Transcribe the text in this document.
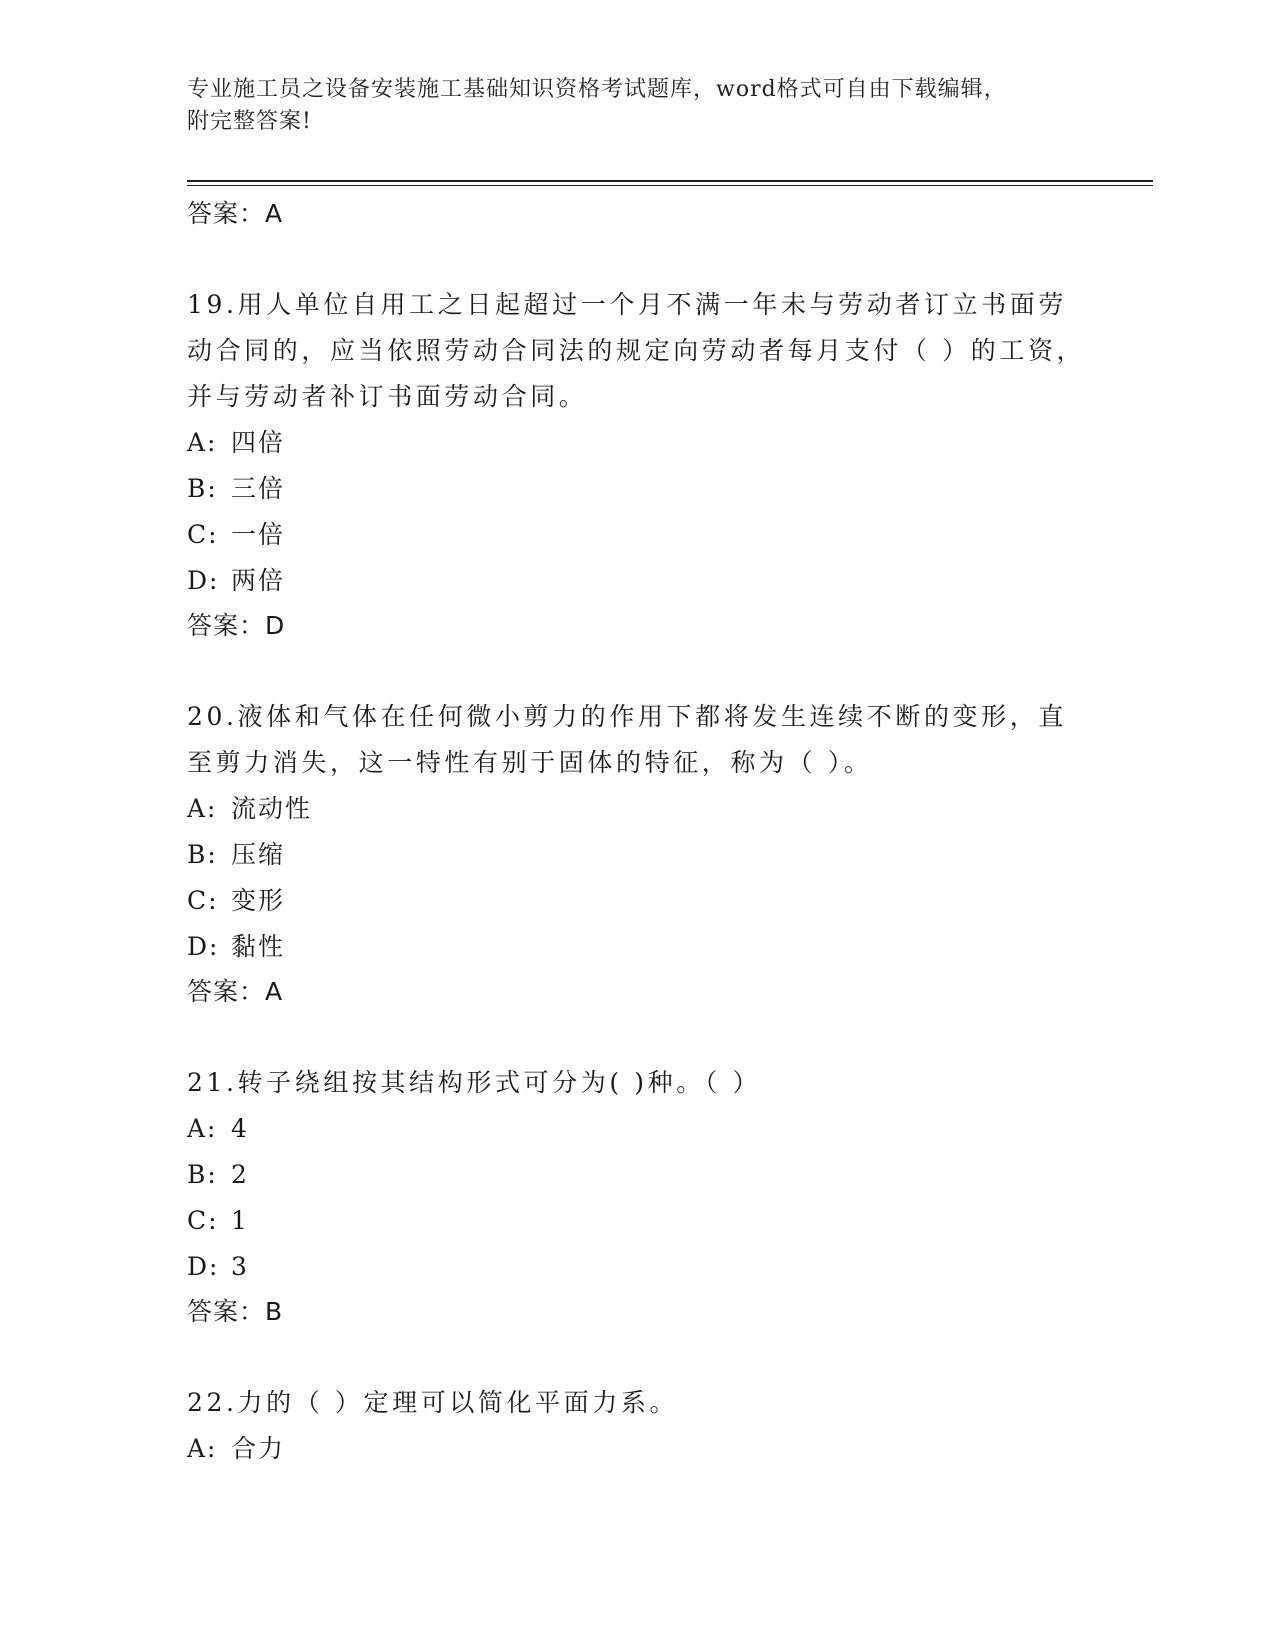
专业施工员之设备安装施工基础知识资格考试题库，word格式可自由下载编辑，
附完整答案!
答案：A
19.用人单位自用工之日起超过一个月不满一年未与劳动者订立书面劳动合同的，应当依照劳动合同法的规定向劳动者每月支付（ ）的工资，并与劳动者补订书面劳动合同。
A: 四倍
B: 三倍
C: 一倍
D: 两倍
答案：D
20.液体和气体在任何微小剪力的作用下都将发生连续不断的变形，直至剪力消失，这一特性有别于固体的特征，称为（ ）。
A: 流动性
B: 压缩
C: 变形
D: 黏性
答案：A
21.转子绕组按其结构形式可分为( )种。（ ）
A: 4
B: 2
C: 1
D: 3
答案：B
22.力的（ ）定理可以简化平面力系。
A: 合力
